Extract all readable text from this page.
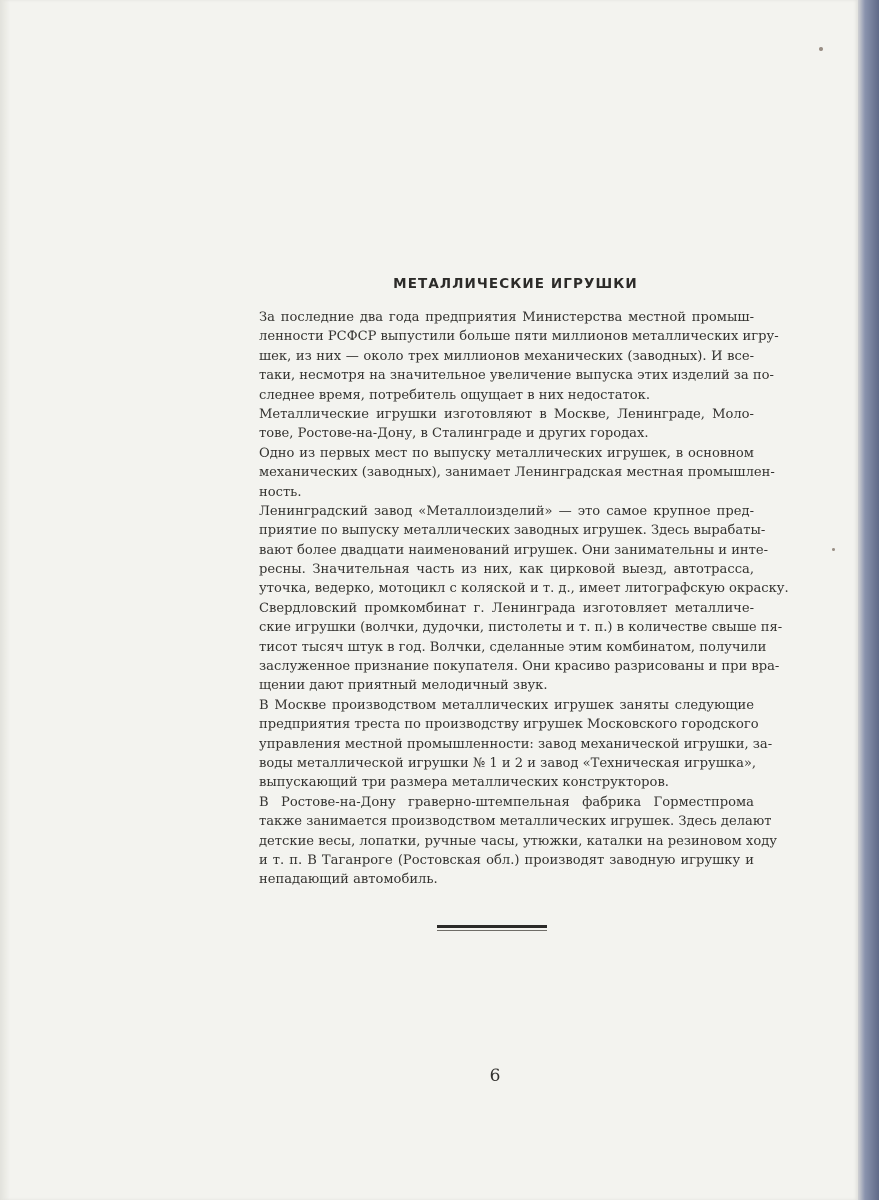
МЕТАЛЛИЧЕСКИЕ ИГРУШКИ

За последние два года предприятия Министерства местной промыш-
ленности РСФСР выпустили больше пяти миллионов металлических игру-
шек, из них — около трех миллионов механических (заводных). И все-
таки, несмотря на значительное увеличение выпуска этих изделий за по-
следнее время, потребитель ощущает в них недостаток.

Металлические игрушки изготовляют в Москве, Ленинграде, Моло-
тове, Ростове-на-Дону, в Сталинграде и других городах.

Одно из первых мест по выпуску металлических игрушек, в основном
механических (заводных), занимает Ленинградская местная промышлен-
ность.

Ленинградский завод «Металлоизделий» — это самое крупное пред-
приятие по выпуску металлических заводных игрушек. Здесь вырабаты-
вают более двадцати наименований игрушек. Они занимательны и инте-
ресны. Значительная часть из них, как цирковой выезд, автотрасса,
уточка, ведерко, мотоцикл с коляской и т. д., имеет литографскую окраску.

Свердловский промкомбинат г. Ленинграда изготовляет металличе-
ские игрушки (волчки, дудочки, пистолеты и т. п.) в количестве свыше пя-
тисот тысяч штук в год. Волчки, сделанные этим комбинатом, получили
заслуженное признание покупателя. Они красиво разрисованы и при вра-
щении дают приятный мелодичный звук.

В Москве производством металлических игрушек заняты следующие
предприятия треста по производству игрушек Московского городского
управления местной промышленности: завод механической игрушки, за-
воды металлической игрушки № 1 и 2 и завод «Техническая игрушка»,
выпускающий три размера металлических конструкторов.

В Ростове-на-Дону граверно-штемпельная фабрика Горместпрома
также занимается производством металлических игрушек. Здесь делают
детские весы, лопатки, ручные часы, утюжки, каталки на резиновом ходу
и т. п. В Таганроге (Ростовская обл.) производят заводную игрушку и
непадающий автомобиль.

6
